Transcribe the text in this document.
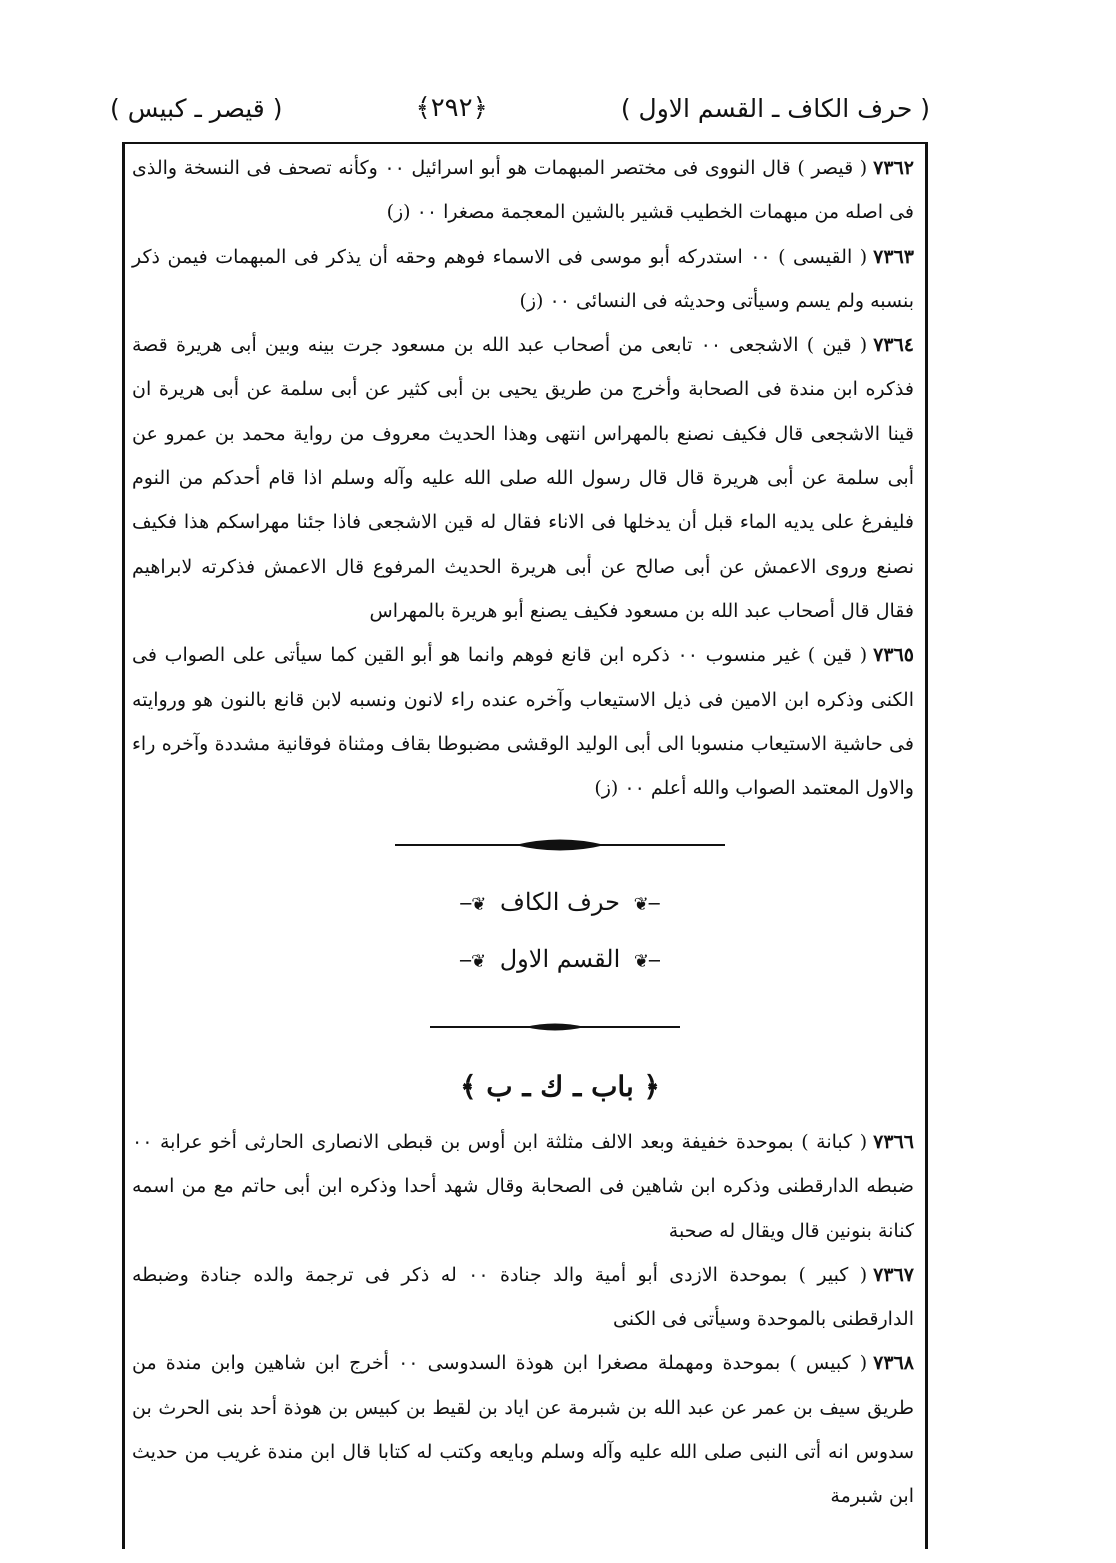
( حرف الكاف ـ القسم الاول )
﴿٢٩٢﴾
( قيصر ـ كبيس )

٧٣٦٢( قيصر ) قال النووى فى مختصر المبهمات هو أبو اسرائيل ٠٠ وكأنه تصحف فى النسخة والذى فى اصله من مبهمات الخطيب قشير بالشين المعجمة مصغرا ٠٠ (ز)

٧٣٦٣( القيسى ) ٠٠ استدركه أبو موسى فى الاسماء فوهم وحقه أن يذكر فى المبهمات فيمن ذكر بنسبه ولم يسم وسيأتى وحديثه فى النسائى ٠٠ (ز)

٧٣٦٤( قين ) الاشجعى ٠٠ تابعى من أصحاب عبد الله بن مسعود جرت بينه وبين أبى هريرة قصة فذكره ابن مندة فى الصحابة وأخرج من طريق يحيى بن أبى كثير عن أبى سلمة عن أبى هريرة ان قينا الاشجعى قال فكيف نصنع بالمهراس انتهى وهذا الحديث معروف من رواية محمد بن عمرو عن أبى سلمة عن أبى هريرة قال قال رسول الله صلى الله عليه وآله وسلم اذا قام أحدكم من النوم فليفرغ على يديه الماء قبل أن يدخلها فى الاناء فقال له قين الاشجعى فاذا جئنا مهراسكم هذا فكيف نصنع وروى الاعمش عن أبى صالح عن أبى هريرة الحديث المرفوع قال الاعمش فذكرته لابراهيم فقال قال أصحاب عبد الله بن مسعود فكيف يصنع أبو هريرة بالمهراس

٧٣٦٥( قين ) غير منسوب ٠٠ ذكره ابن قانع فوهم وانما هو أبو القين كما سيأتى على الصواب فى الكنى وذكره ابن الامين فى ذيل الاستيعاب وآخره عنده راء لانون ونسبه لابن قانع بالنون هو وروايته فى حاشية الاستيعاب منسوبا الى أبى الوليد الوقشى مضبوطا بقاف ومثناة فوقانية مشددة وآخره راء والاول المعتمد الصواب والله أعلم ٠٠ (ز)

─❦ حرف الكاف ❦─
─❦ القسم الاول ❦─
﴿ باب ـ ك ـ ب ﴾

٧٣٦٦( كبانة ) بموحدة خفيفة وبعد الالف مثلثة ابن أوس بن قبطى الانصارى الحارثى أخو عرابة ٠٠ ضبطه الدارقطنى وذكره ابن شاهين فى الصحابة وقال شهد أحدا وذكره ابن أبى حاتم مع من اسمه كنانة بنونين قال ويقال له صحبة

٧٣٦٧( كبير ) بموحدة الازدى أبو أمية والد جنادة ٠٠ له ذكر فى ترجمة والده جنادة وضبطه الدارقطنى بالموحدة وسيأتى فى الكنى

٧٣٦٨( كبيس ) بموحدة ومهملة مصغرا ابن هوذة السدوسى ٠٠ أخرج ابن شاهين وابن مندة من طريق سيف بن عمر عن عبد الله بن شبرمة عن اياد بن لقيط بن كبيس بن هوذة أحد بنى الحرث بن سدوس انه أتى النبى صلى الله عليه وآله وسلم وبايعه وكتب له كتابا قال ابن مندة غريب من حديث ابن شبرمة
